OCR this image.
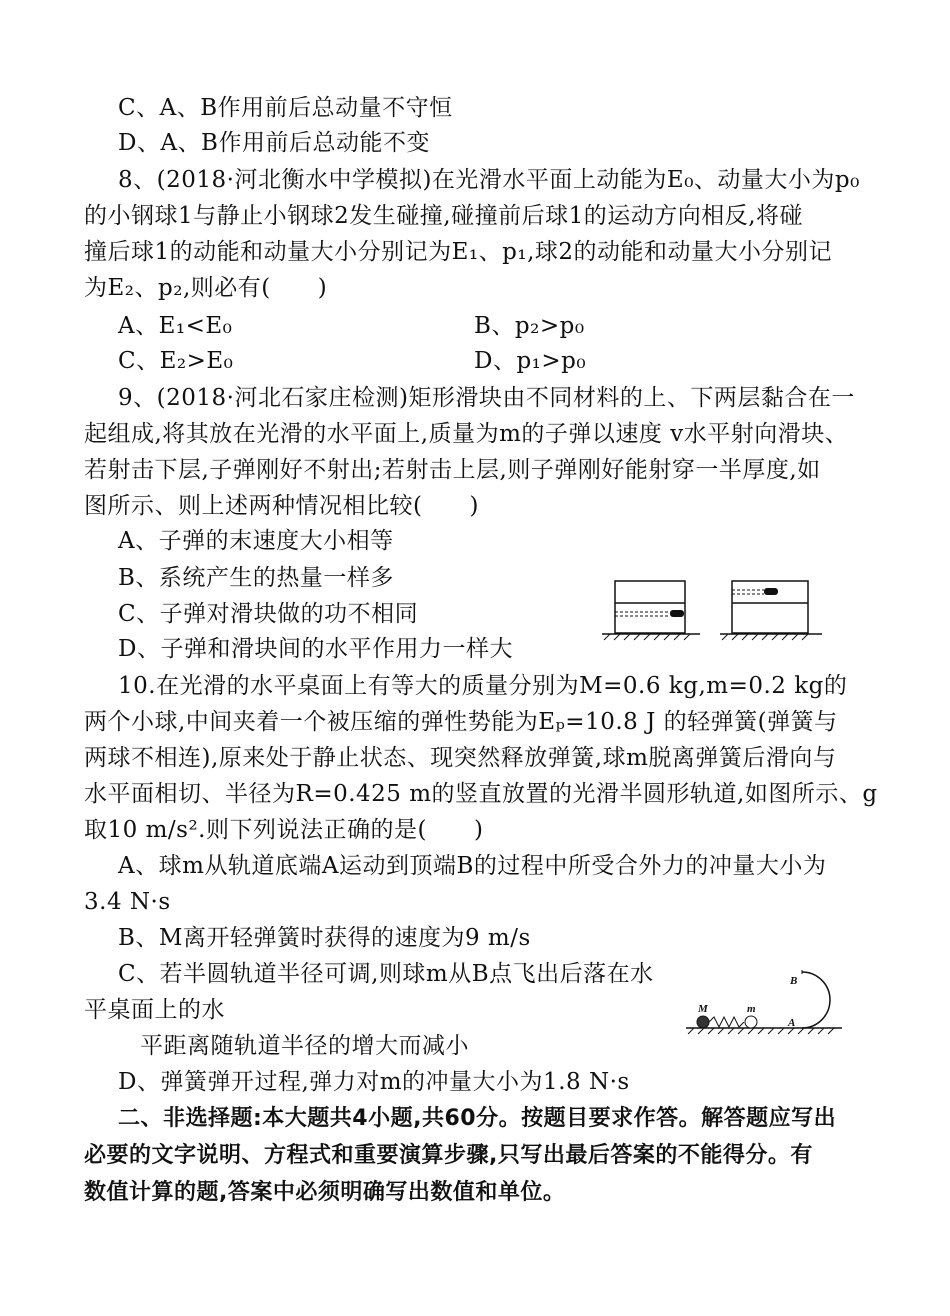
C、A、B作用前后总动量不守恒
D、A、B作用前后总动能不变
8、(2018·河北衡水中学模拟)在光滑水平面上动能为E₀、动量大小为p₀
的小钢球1与静止小钢球2发生碰撞,碰撞前后球1的运动方向相反,将碰
撞后球1的动能和动量大小分别记为E₁、p₁,球2的动能和动量大小分别记
为E₂、p₂,则必有(　　)
A、E₁<E₀	B、p₂>p₀
C、E₂>E₀	D、p₁>p₀
9、(2018·河北石家庄检测)矩形滑块由不同材料的上、下两层黏合在一
起组成,将其放在光滑的水平面上,质量为m的子弹以速度 v水平射向滑块、
若射击下层,子弹刚好不射出;若射击上层,则子弹刚好能射穿一半厚度,如
图所示、则上述两种情况相比较(　　)
A、子弹的末速度大小相等
B、系统产生的热量一样多
C、子弹对滑块做的功不相同
D、子弹和滑块间的水平作用力一样大
10.在光滑的水平桌面上有等大的质量分别为M=0.6 kg,m=0.2 kg的
两个小球,中间夹着一个被压缩的弹性势能为Eₚ=10.8 J 的轻弹簧(弹簧与
两球不相连),原来处于静止状态、现突然释放弹簧,球m脱离弹簧后滑向与
水平面相切、半径为R=0.425 m的竖直放置的光滑半圆形轨道,如图所示、g
取10 m/s².则下列说法正确的是(　　)
A、球m从轨道底端A运动到顶端B的过程中所受合外力的冲量大小为
3.4 N·s
B、M离开轻弹簧时获得的速度为9 m/s
C、若半圆轨道半径可调,则球m从B点飞出后落在水
平桌面上的水
平距离随轨道半径的增大而减小
D、弹簧弹开过程,弹力对m的冲量大小为1.8 N·s
M	m
A
B
二、非选择题:本大题共4小题,共60分。按题目要求作答。解答题应写出
必要的文字说明、方程式和重要演算步骤,只写出最后答案的不能得分。有
数值计算的题,答案中必须明确写出数值和单位。
